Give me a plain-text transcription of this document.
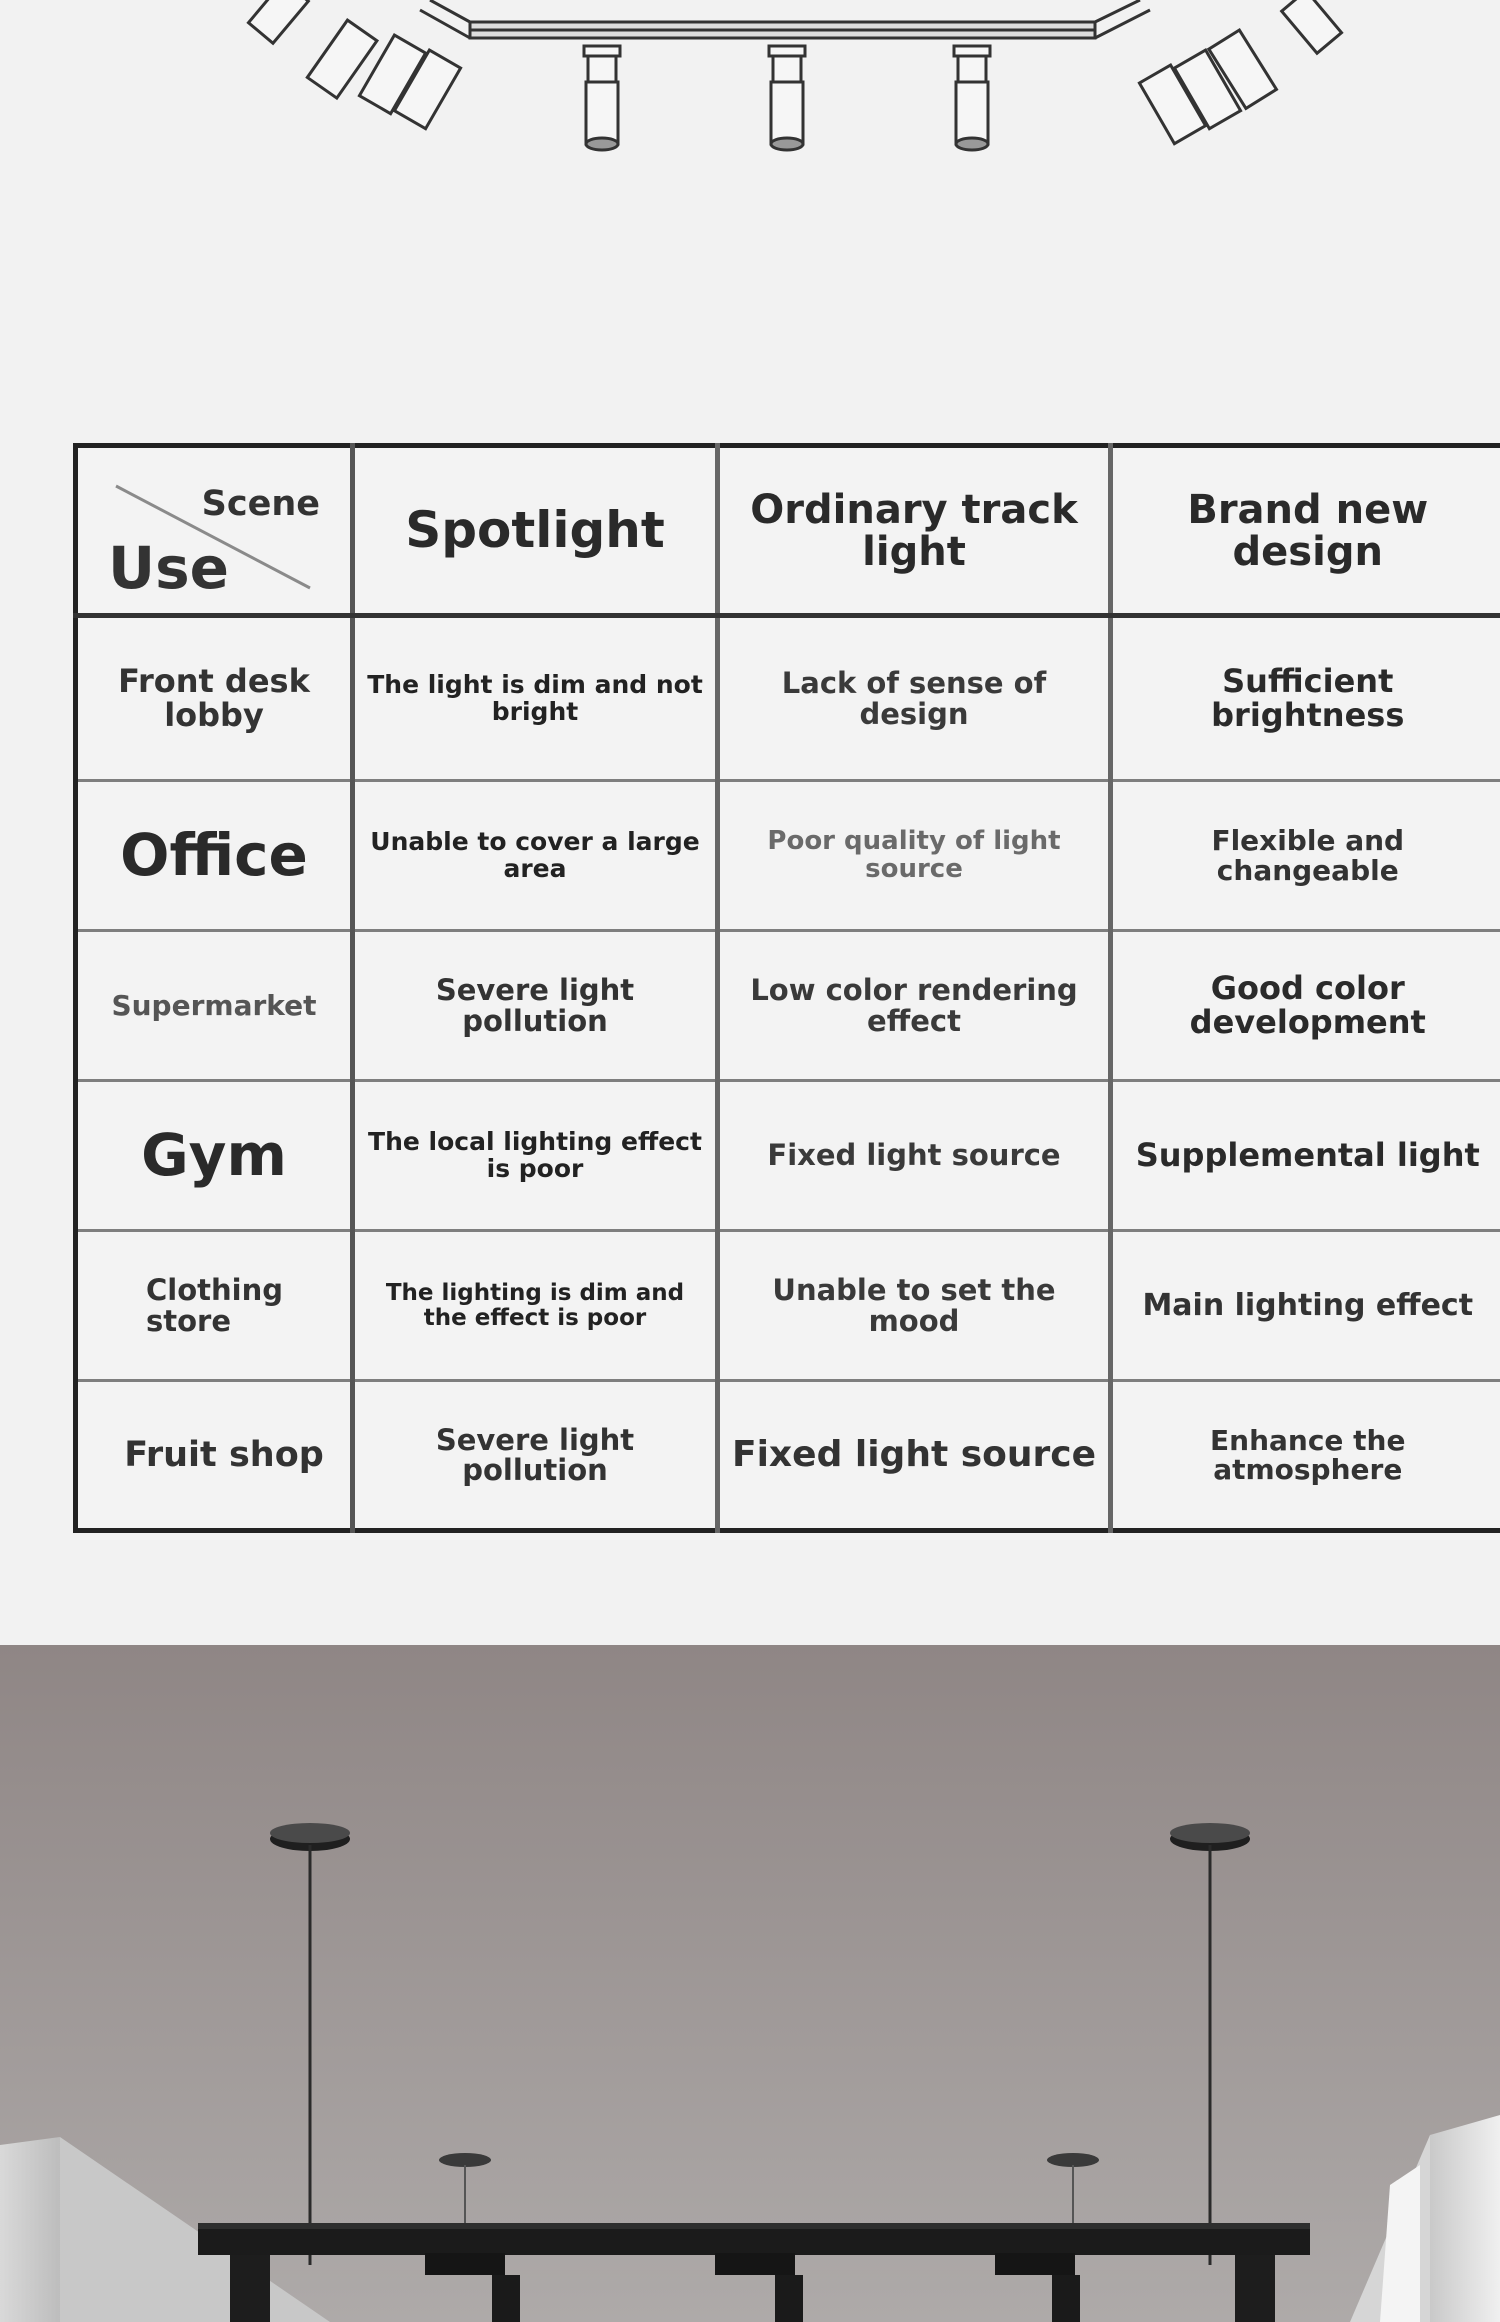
Scene
Use	Spotlight	Ordinary track light	Brand new design
Front desk lobby	The light is dim and not bright	Lack of sense of design	Sufficient brightness
Office	Unable to cover a large area	Poor quality of light source	Flexible and changeable
Supermarket	Severe light pollution	Low color rendering effect	Good color development
Gym	The local lighting effect is poor	Fixed light source	Supplemental light
Clothing store	The lighting is dim and the effect is poor	Unable to set the mood	Main lighting effect
Fruit shop	Severe light pollution	Fixed light source	Enhance the atmosphere
